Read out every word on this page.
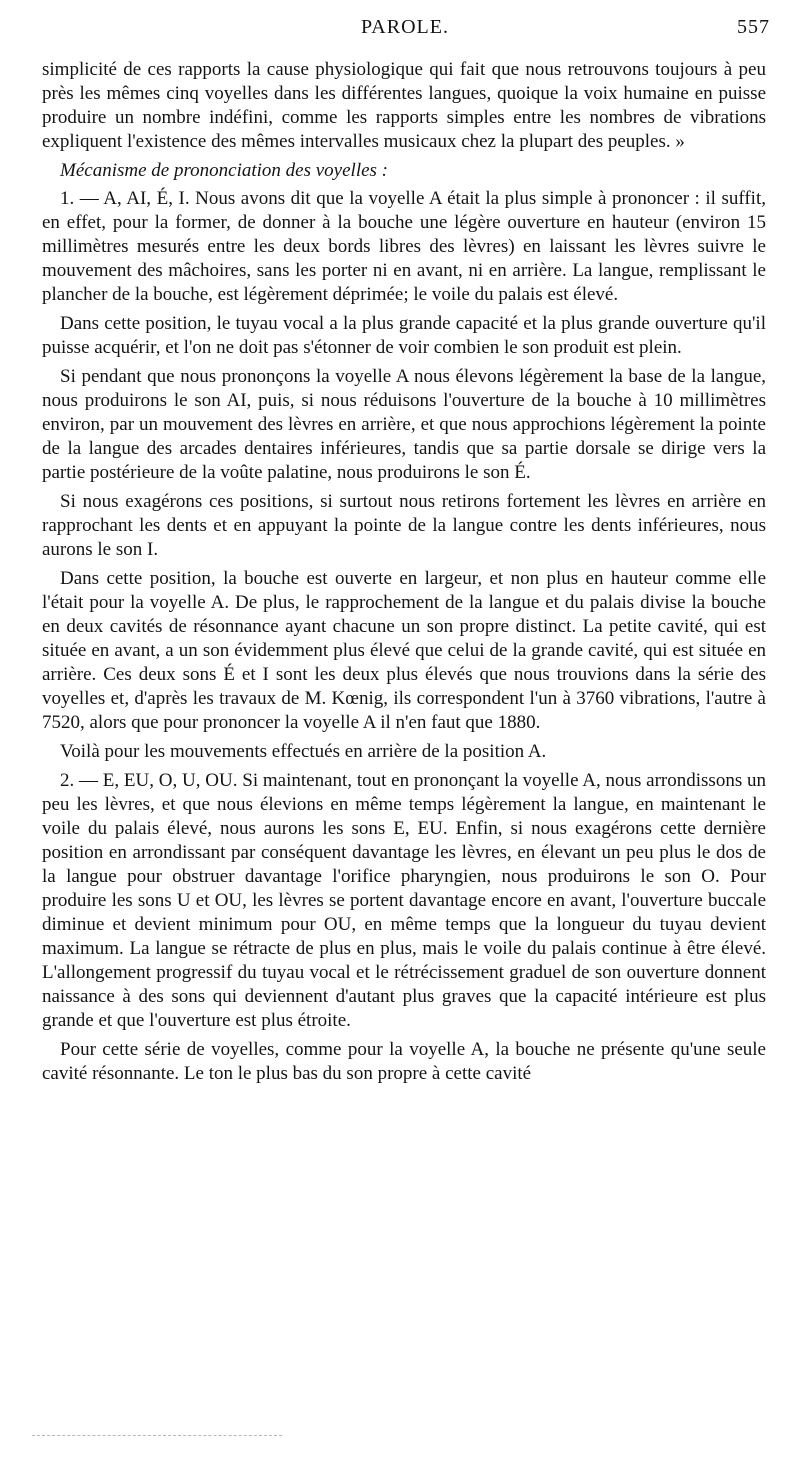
PAROLE.	557

simplicité de ces rapports la cause physiologique qui fait que nous retrouvons toujours à peu près les mêmes cinq voyelles dans les différentes langues, quoique la voix humaine en puisse produire un nombre indéfini, comme les rapports simples entre les nombres de vibrations expliquent l'existence des mêmes intervalles musicaux chez la plupart des peuples. »

Mécanisme de prononciation des voyelles :

1. — A, AI, É, I. Nous avons dit que la voyelle A était la plus simple à prononcer : il suffit, en effet, pour la former, de donner à la bouche une légère ouverture en hauteur (environ 15 millimètres mesurés entre les deux bords libres des lèvres) en laissant les lèvres suivre le mouvement des mâchoires, sans les porter ni en avant, ni en arrière. La langue, remplissant le plancher de la bouche, est légèrement déprimée; le voile du palais est élevé.

Dans cette position, le tuyau vocal a la plus grande capacité et la plus grande ouverture qu'il puisse acquérir, et l'on ne doit pas s'étonner de voir combien le son produit est plein.

Si pendant que nous prononçons la voyelle A nous élevons légèrement la base de la langue, nous produirons le son AI, puis, si nous réduisons l'ouverture de la bouche à 10 millimètres environ, par un mouvement des lèvres en arrière, et que nous approchions légèrement la pointe de la langue des arcades dentaires inférieures, tandis que sa partie dorsale se dirige vers la partie postérieure de la voûte palatine, nous produirons le son É.

Si nous exagérons ces positions, si surtout nous retirons fortement les lèvres en arrière en rapprochant les dents et en appuyant la pointe de la langue contre les dents inférieures, nous aurons le son I.

Dans cette position, la bouche est ouverte en largeur, et non plus en hauteur comme elle l'était pour la voyelle A. De plus, le rapprochement de la langue et du palais divise la bouche en deux cavités de résonnance ayant chacune un son propre distinct. La petite cavité, qui est située en avant, a un son évidemment plus élevé que celui de la grande cavité, qui est située en arrière. Ces deux sons É et I sont les deux plus élevés que nous trouvions dans la série des voyelles et, d'après les travaux de M. Kœnig, ils correspondent l'un à 3760 vibrations, l'autre à 7520, alors que pour prononcer la voyelle A il n'en faut que 1880.

Voilà pour les mouvements effectués en arrière de la position A.

2. — E, EU, O, U, OU. Si maintenant, tout en prononçant la voyelle A, nous arrondissons un peu les lèvres, et que nous élevions en même temps légèrement la langue, en maintenant le voile du palais élevé, nous aurons les sons E, EU. Enfin, si nous exagérons cette dernière position en arrondissant par conséquent davantage les lèvres, en élevant un peu plus le dos de la langue pour obstruer davantage l'orifice pharyngien, nous produirons le son O. Pour produire les sons U et OU, les lèvres se portent davantage encore en avant, l'ouverture buccale diminue et devient minimum pour OU, en même temps que la longueur du tuyau devient maximum. La langue se rétracte de plus en plus, mais le voile du palais continue à être élevé. L'allongement progressif du tuyau vocal et le rétrécissement graduel de son ouverture donnent naissance à des sons qui deviennent d'autant plus graves que la capacité intérieure est plus grande et que l'ouverture est plus étroite.

Pour cette série de voyelles, comme pour la voyelle A, la bouche ne présente qu'une seule cavité résonnante. Le ton le plus bas du son propre à cette cavité
